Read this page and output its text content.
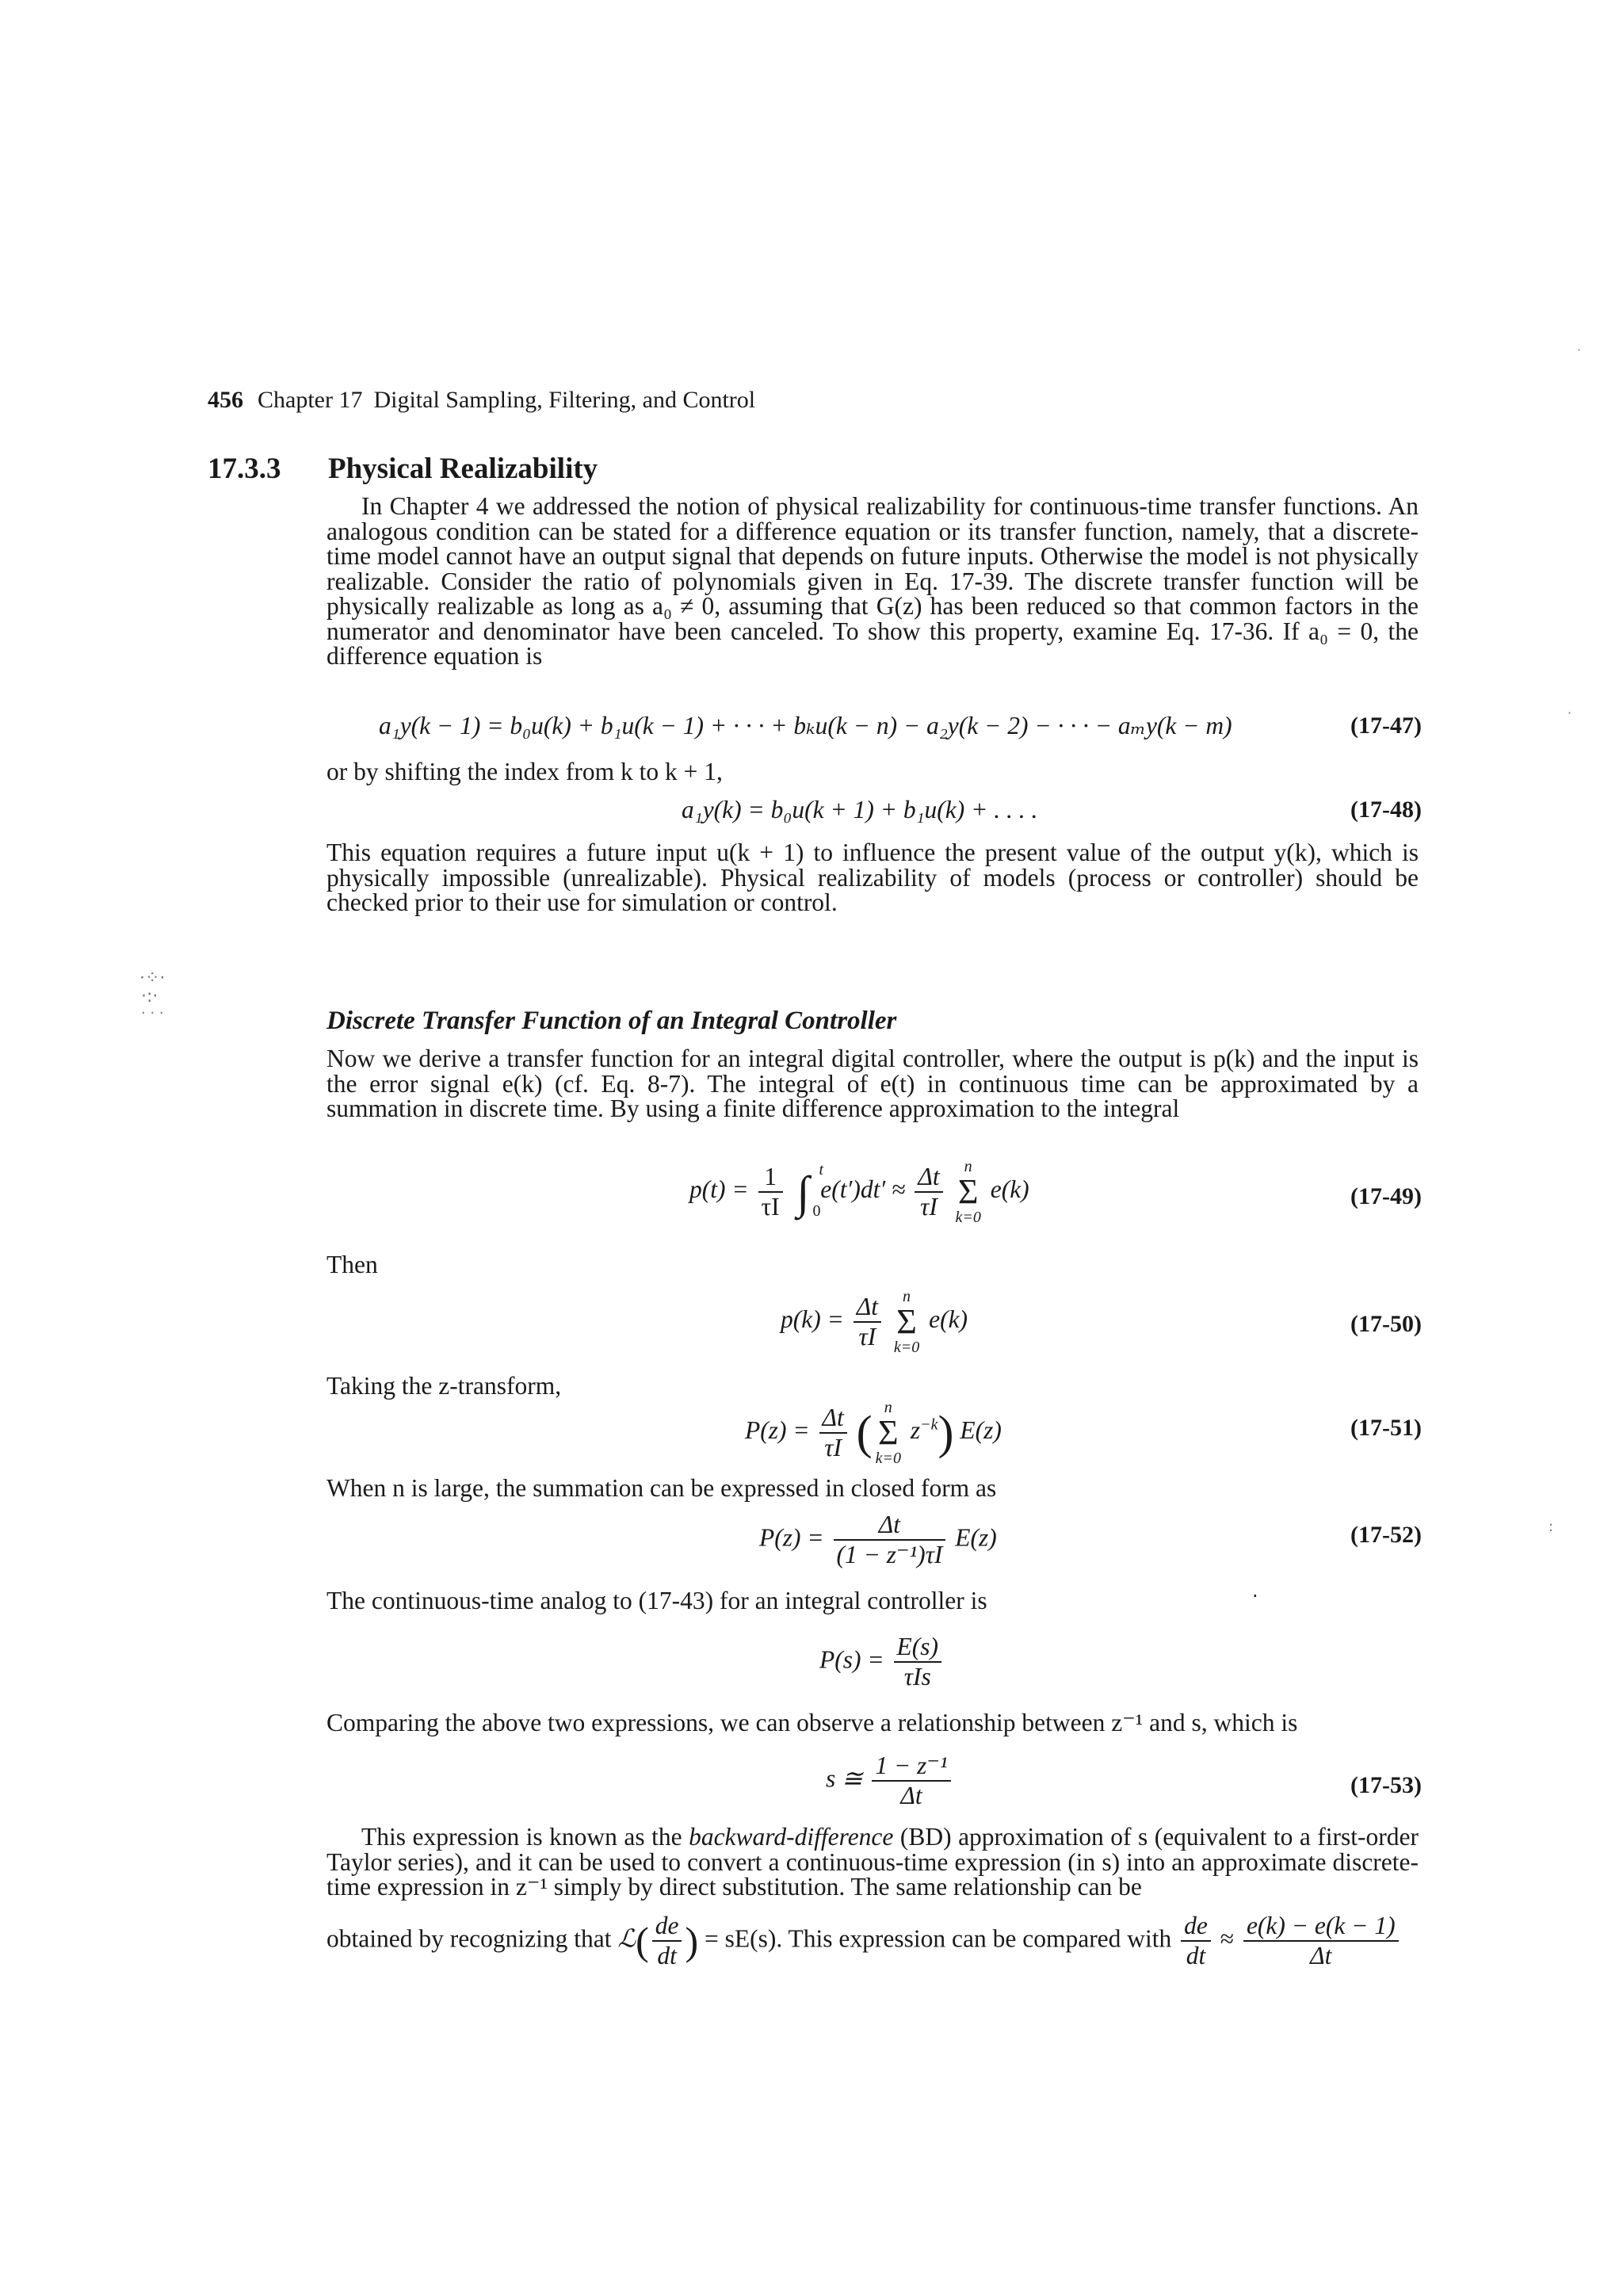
456 Chapter 17 Digital Sampling, Filtering, and Control
17.3.3 Physical Realizability

In Chapter 4 we addressed the notion of physical realizability for continuous-time transfer functions. An analogous condition can be stated for a difference equation or its transfer function, namely, that a discrete-time model cannot have an output signal that depends on future inputs. Otherwise the model is not physically realizable. Consider the ratio of polynomials given in Eq. 17-39. The discrete transfer function will be physically realizable as long as a₀ ≠ 0, assuming that G(z) has been reduced so that common factors in the numerator and denominator have been canceled. To show this property, examine Eq. 17-36. If a₀ = 0, the difference equation is

a₁y(k − 1) = b₀u(k) + b₁u(k − 1) + · · · + bₖu(k − n) − a₂y(k − 2) − · · · − aₘy(k − m)	(17-47)

or by shifting the index from k to k + 1,

a₁y(k) = b₀u(k + 1) + b₁u(k) + . . . .	(17-48)

This equation requires a future input u(k + 1) to influence the present value of the output y(k), which is physically impossible (unrealizable). Physical realizability of models (process or controller) should be checked prior to their use for simulation or control.

Discrete Transfer Function of an Integral Controller

Now we derive a transfer function for an integral digital controller, where the output is p(k) and the input is the error signal e(k) (cf. Eq. 8-7). The integral of e(t) in continuous time can be approximated by a summation in discrete time. By using a finite difference approximation to the integral

$p(t) = \frac{1}{\tau I}$ ∫ t
0
$e(t')dt' \approx \frac{\Delta t}{\tau I}$
	n
Σ
k=0
e(k)	(17-49)
Then
$p(k) = \frac{\Delta t}{\tau I}$
	n
Σ
k=0
e(k)	(17-50)
Taking the z-transform,
$P(z) = \frac{\Delta t}{\tau I}$ ( n
Σ
k=0
$z^{-k}$) E(z)	(17-51)

When n is large, the summation can be expressed in closed form as

$P(z) = \frac{\Delta t}{\text{(1 − z⁻¹)τI}} E(z)$	(17-52)

The continuous-time analog to (17-43) for an integral controller is

$P(s) = \frac{E(s)}{\text{τIs}}$

Comparing the above two expressions, we can observe a relationship between z⁻¹ and s, which is

s ≅ $\frac{\text{1 − z⁻¹}}{\Delta t}$	(17-53)

This expression is known as the backward-difference (BD) approximation of s (equivalent to a first-order Taylor series), and it can be used to convert a continuous-time expression (in s) into an approximate discrete-time expression in z⁻¹ simply by direct substitution. The same relationship can be

obtained by recognizing that ℒ( $\frac{de}{dt}$ ) = sE(s). This expression can be compared with $\frac{de}{dt} \approx \frac{e(k) - e(k - 1)}{\Delta t}$
·⁘·
·:·
· · ·
·
·
·
:
